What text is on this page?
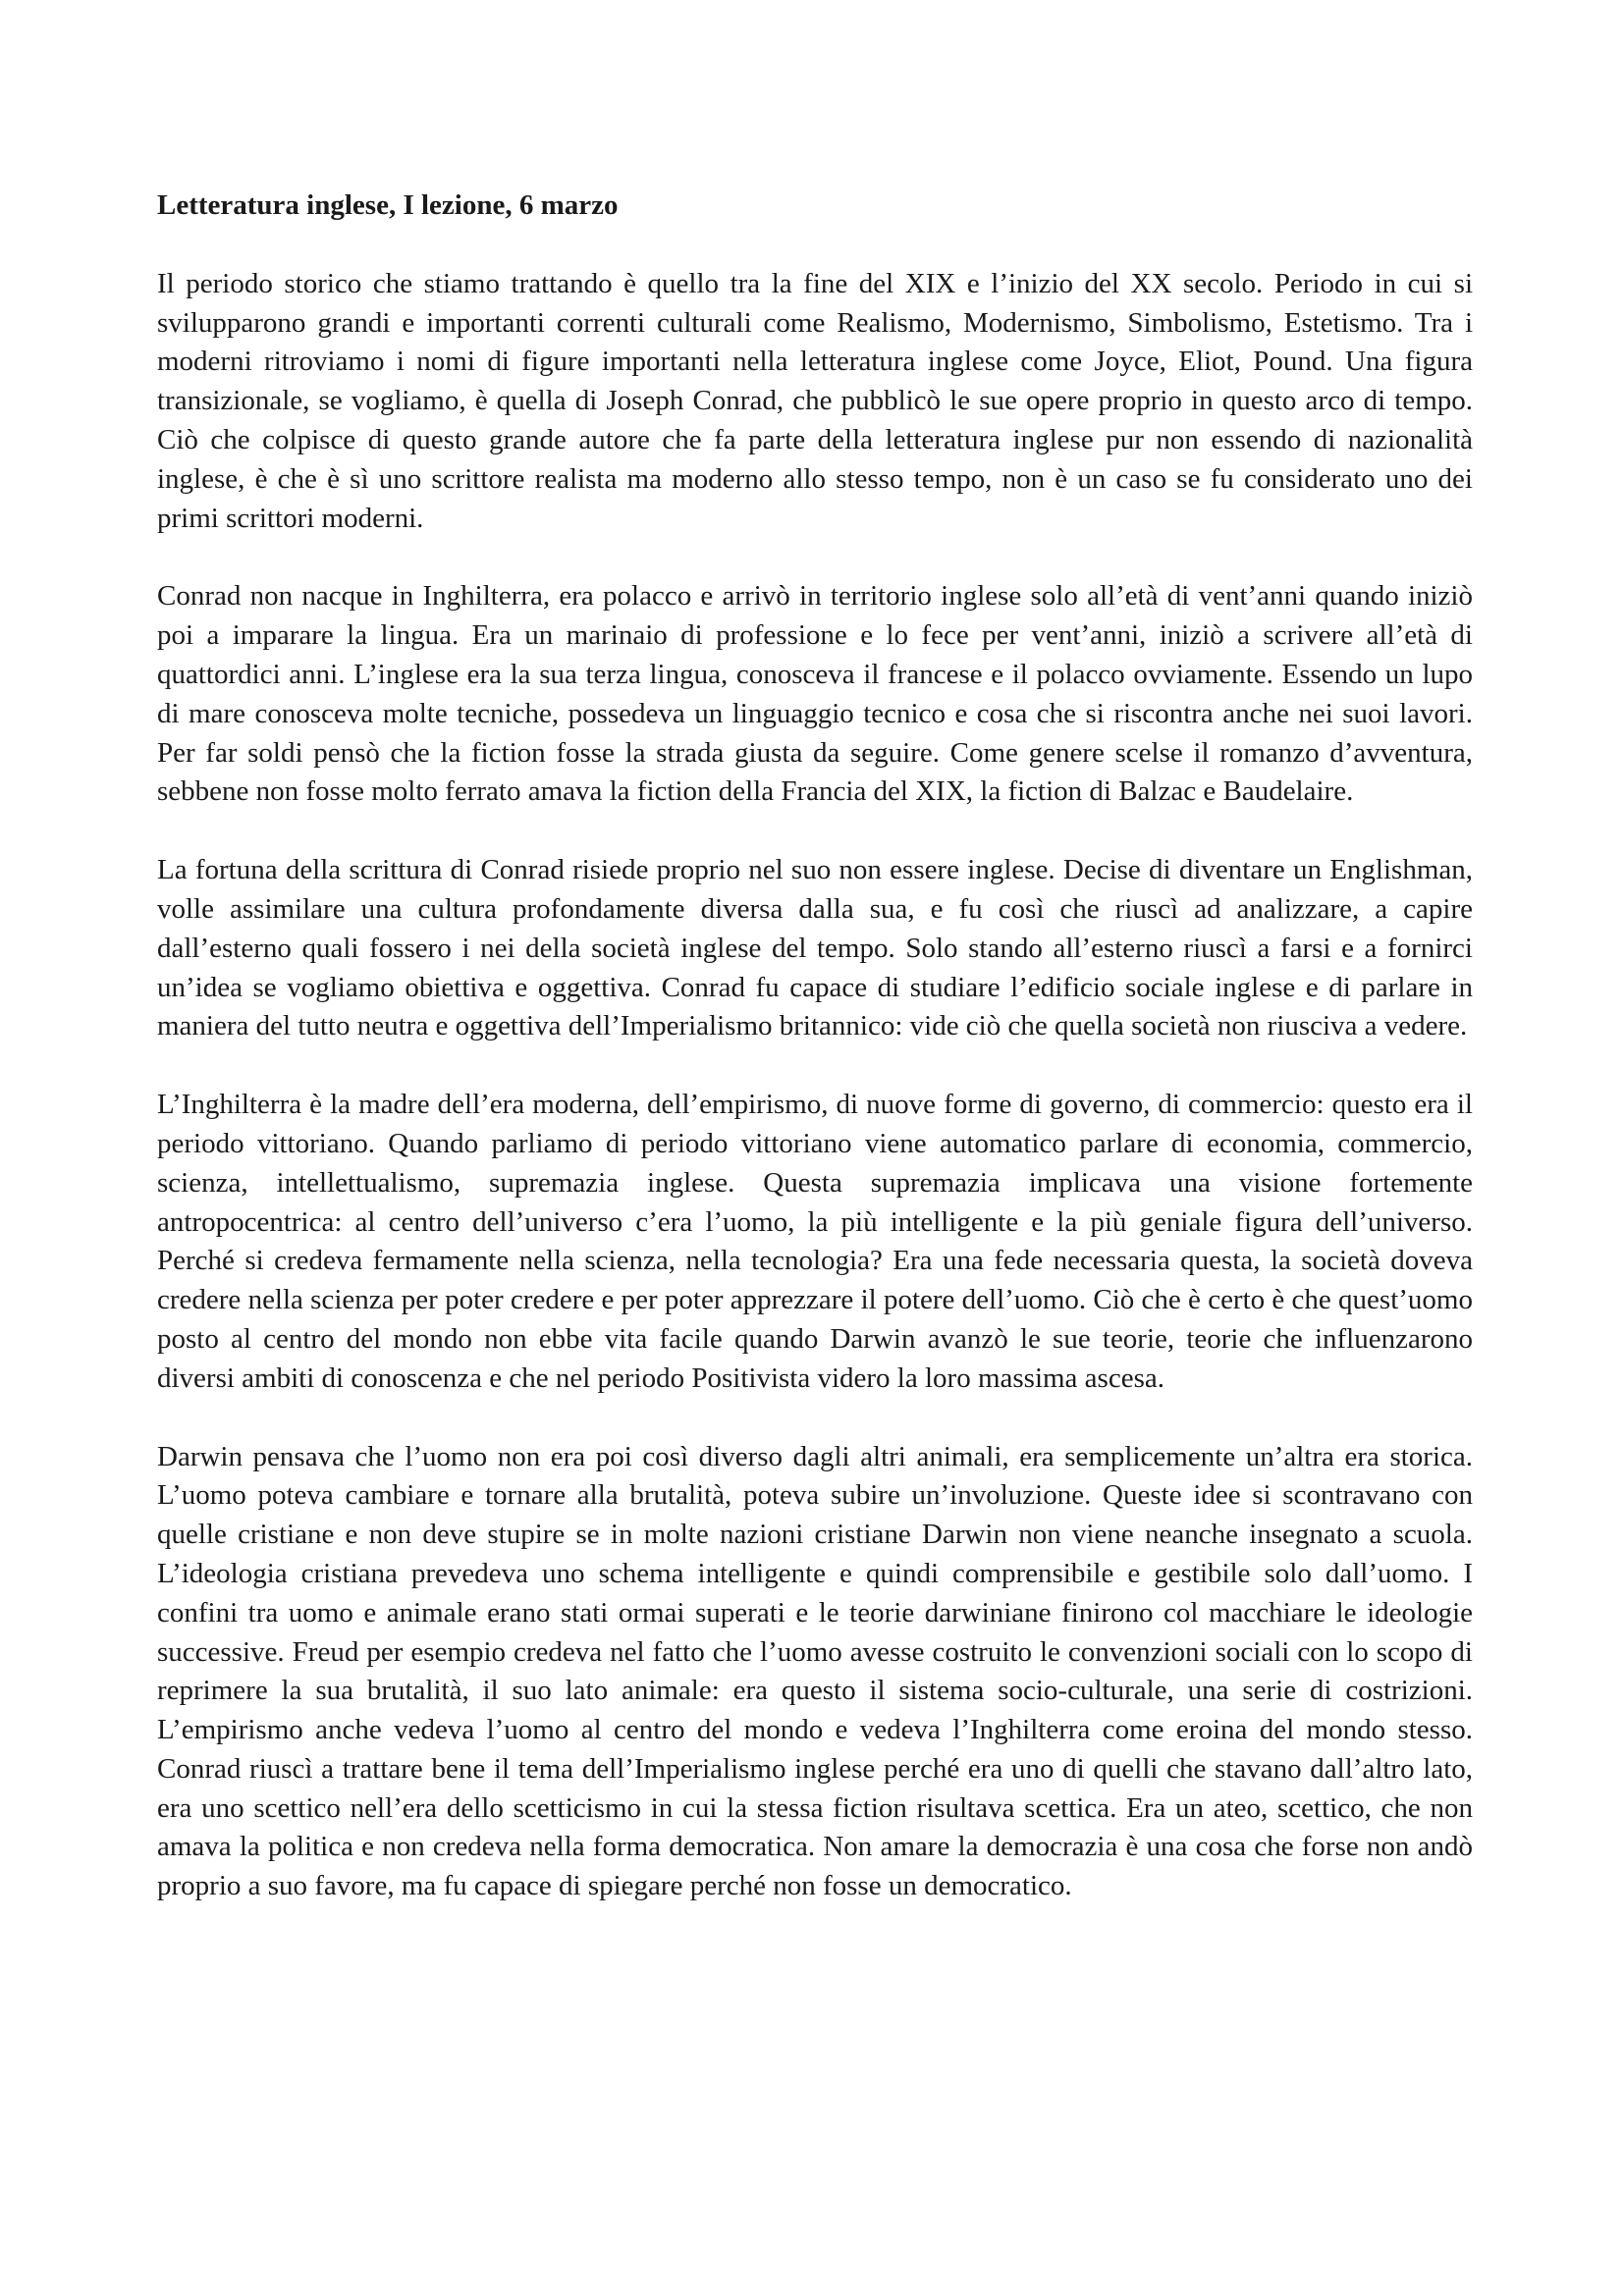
Letteratura inglese, I lezione, 6 marzo

Il periodo storico che stiamo trattando è quello tra la fine del XIX e l’inizio del XX secolo. Periodo in cui si svilupparono grandi e importanti correnti culturali come Realismo, Modernismo, Simbolismo, Estetismo. Tra i moderni ritroviamo i nomi di figure importanti nella letteratura inglese come Joyce, Eliot, Pound. Una figura transizionale, se vogliamo, è quella di Joseph Conrad, che pubblicò le sue opere proprio in questo arco di tempo. Ciò che colpisce di questo grande autore che fa parte della letteratura inglese pur non essendo di nazionalità inglese, è che è sì uno scrittore realista ma moderno allo stesso tempo, non è un caso se fu considerato uno dei primi scrittori moderni.

Conrad non nacque in Inghilterra, era polacco e arrivò in territorio inglese solo all’età di vent’anni quando iniziò poi a imparare la lingua. Era un marinaio di professione e lo fece per vent’anni, iniziò a scrivere all’età di quattordici anni. L’inglese era la sua terza lingua, conosceva il francese e il polacco ovviamente. Essendo un lupo di mare conosceva molte tecniche, possedeva un linguaggio tecnico e cosa che si riscontra anche nei suoi lavori. Per far soldi pensò che la fiction fosse la strada giusta da seguire. Come genere scelse il romanzo d’avventura, sebbene non fosse molto ferrato amava la fiction della Francia del XIX, la fiction di Balzac e Baudelaire.

La fortuna della scrittura di Conrad risiede proprio nel suo non essere inglese. Decise di diventare un Englishman, volle assimilare una cultura profondamente diversa dalla sua, e fu così che riuscì ad analizzare, a capire dall’esterno quali fossero i nei della società inglese del tempo. Solo stando all’esterno riuscì a farsi e a fornirci un’idea se vogliamo obiettiva e oggettiva. Conrad fu capace di studiare l’edificio sociale inglese e di parlare in maniera del tutto neutra e oggettiva dell’Imperialismo britannico: vide ciò che quella società non riusciva a vedere.

L’Inghilterra è la madre dell’era moderna, dell’empirismo, di nuove forme di governo, di commercio: questo era il periodo vittoriano. Quando parliamo di periodo vittoriano viene automatico parlare di economia, commercio, scienza, intellettualismo, supremazia inglese. Questa supremazia implicava una visione fortemente antropocentrica: al centro dell’universo c’era l’uomo, la più intelligente e la più geniale figura dell’universo. Perché si credeva fermamente nella scienza, nella tecnologia? Era una fede necessaria questa, la società doveva credere nella scienza per poter credere e per poter apprezzare il potere dell’uomo. Ciò che è certo è che quest’uomo posto al centro del mondo non ebbe vita facile quando Darwin avanzò le sue teorie, teorie che influenzarono diversi ambiti di conoscenza e che nel periodo Positivista videro la loro massima ascesa.

Darwin pensava che l’uomo non era poi così diverso dagli altri animali, era semplicemente un’altra era storica. L’uomo poteva cambiare e tornare alla brutalità, poteva subire un’involuzione. Queste idee si scontravano con quelle cristiane e non deve stupire se in molte nazioni cristiane Darwin non viene neanche insegnato a scuola. L’ideologia cristiana prevedeva uno schema intelligente e quindi comprensibile e gestibile solo dall’uomo. I confini tra uomo e animale erano stati ormai superati e le teorie darwiniane finirono col macchiare le ideologie successive. Freud per esempio credeva nel fatto che l’uomo avesse costruito le convenzioni sociali con lo scopo di reprimere la sua brutalità, il suo lato animale: era questo il sistema socio-culturale, una serie di costrizioni. L’empirismo anche vedeva l’uomo al centro del mondo e vedeva l’Inghilterra come eroina del mondo stesso. Conrad riuscì a trattare bene il tema dell’Imperialismo inglese perché era uno di quelli che stavano dall’altro lato, era uno scettico nell’era dello scetticismo in cui la stessa fiction risultava scettica. Era un ateo, scettico, che non amava la politica e non credeva nella forma democratica. Non amare la democrazia è una cosa che forse non andò proprio a suo favore, ma fu capace di spiegare perché non fosse un democratico.
